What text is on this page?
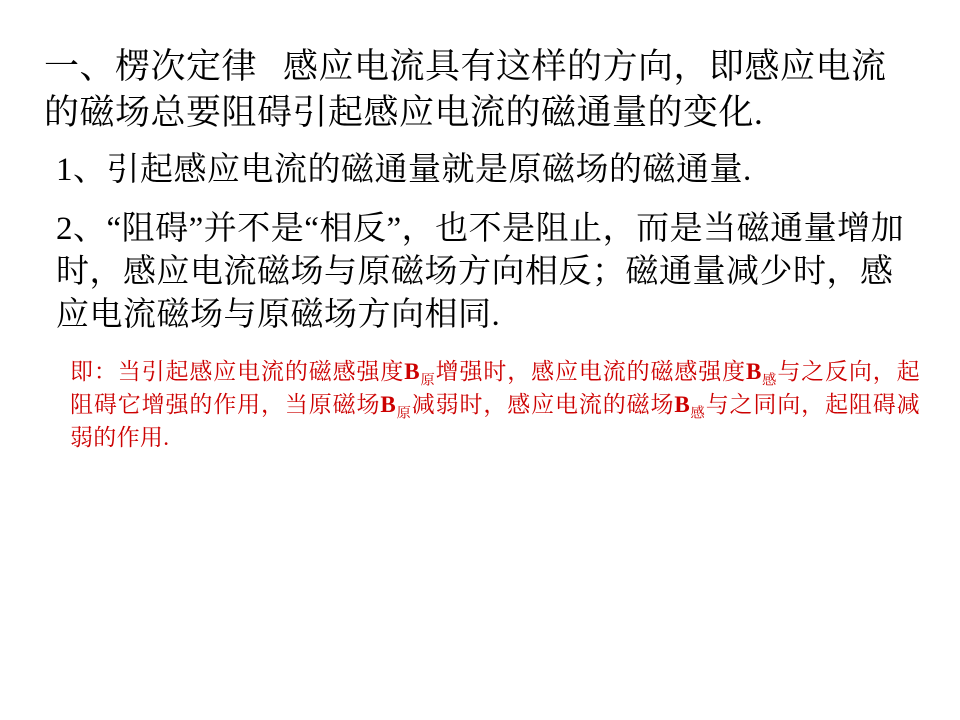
一、楞次定律 感应电流具有这样的方向，即感应电流的磁场总要阻碍引起感应电流的磁通量的变化.

1、引起感应电流的磁通量就是原磁场的磁通量.

2、“阻碍”并不是“相反”，也不是阻止，而是当磁通量增加时，感应电流磁场与原磁场方向相反；磁通量减少时，感应电流磁场与原磁场方向相同.

即：当引起感应电流的磁感强度$B_原$增强时，感应电流的磁感强度$B_感$与之反向，起阻碍它增强的作用，当原磁场$B_原$减弱时，感应电流的磁场$B_感$与之同向，起阻碍减弱的作用.
